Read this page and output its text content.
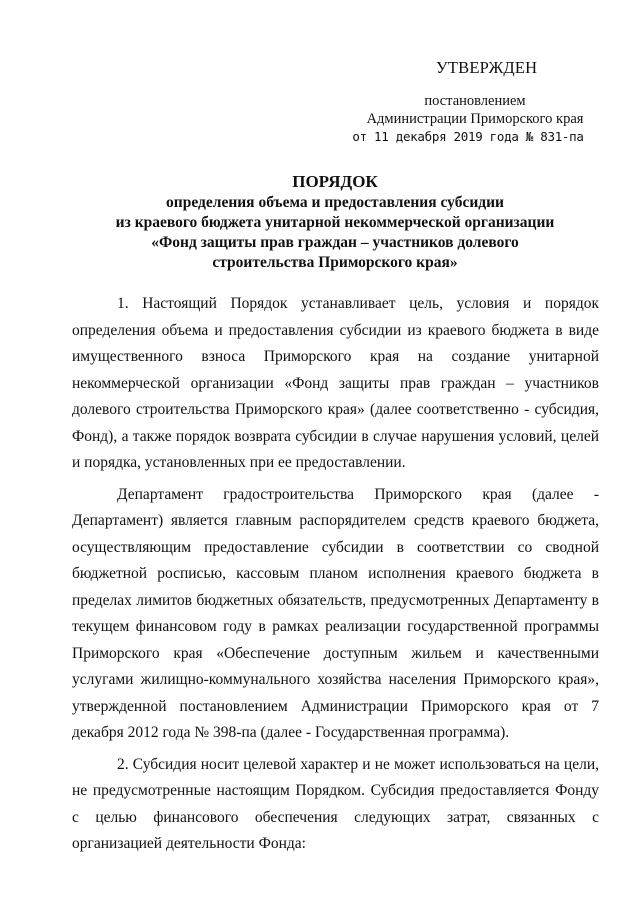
УТВЕРЖДЕН
постановлением
Администрации Приморского края
от 11 декабря 2019 года № 831-па
ПОРЯДОК
определения объема и предоставления субсидии
из краевого бюджета унитарной некоммерческой организации
«Фонд защиты прав граждан – участников долевого
строительства Приморского края»

1. Настоящий Порядок устанавливает цель, условия и порядок определения объема и предоставления субсидии из краевого бюджета в виде имущественного взноса Приморского края на создание унитарной некоммерческой организации «Фонд защиты прав граждан – участников долевого строительства Приморского края» (далее соответственно - субсидия, Фонд), а также порядок возврата субсидии в случае нарушения условий, целей и порядка, установленных при ее предоставлении.

Департамент градостроительства Приморского края (далее - Департамент) является главным распорядителем средств краевого бюджета, осуществляющим предоставление субсидии в соответствии со сводной бюджетной росписью, кассовым планом исполнения краевого бюджета в пределах лимитов бюджетных обязательств, предусмотренных Департаменту в текущем финансовом году в рамках реализации государственной программы Приморского края «Обеспечение доступным жильем и качественными услугами жилищно-коммунального хозяйства населения Приморского края», утвержденной постановлением Администрации Приморского края от 7 декабря 2012 года № 398-па (далее - Государственная программа).

2. Субсидия носит целевой характер и не может использоваться на цели, не предусмотренные настоящим Порядком. Субсидия предоставляется Фонду с целью финансового обеспечения следующих затрат, связанных с организацией деятельности Фонда:
